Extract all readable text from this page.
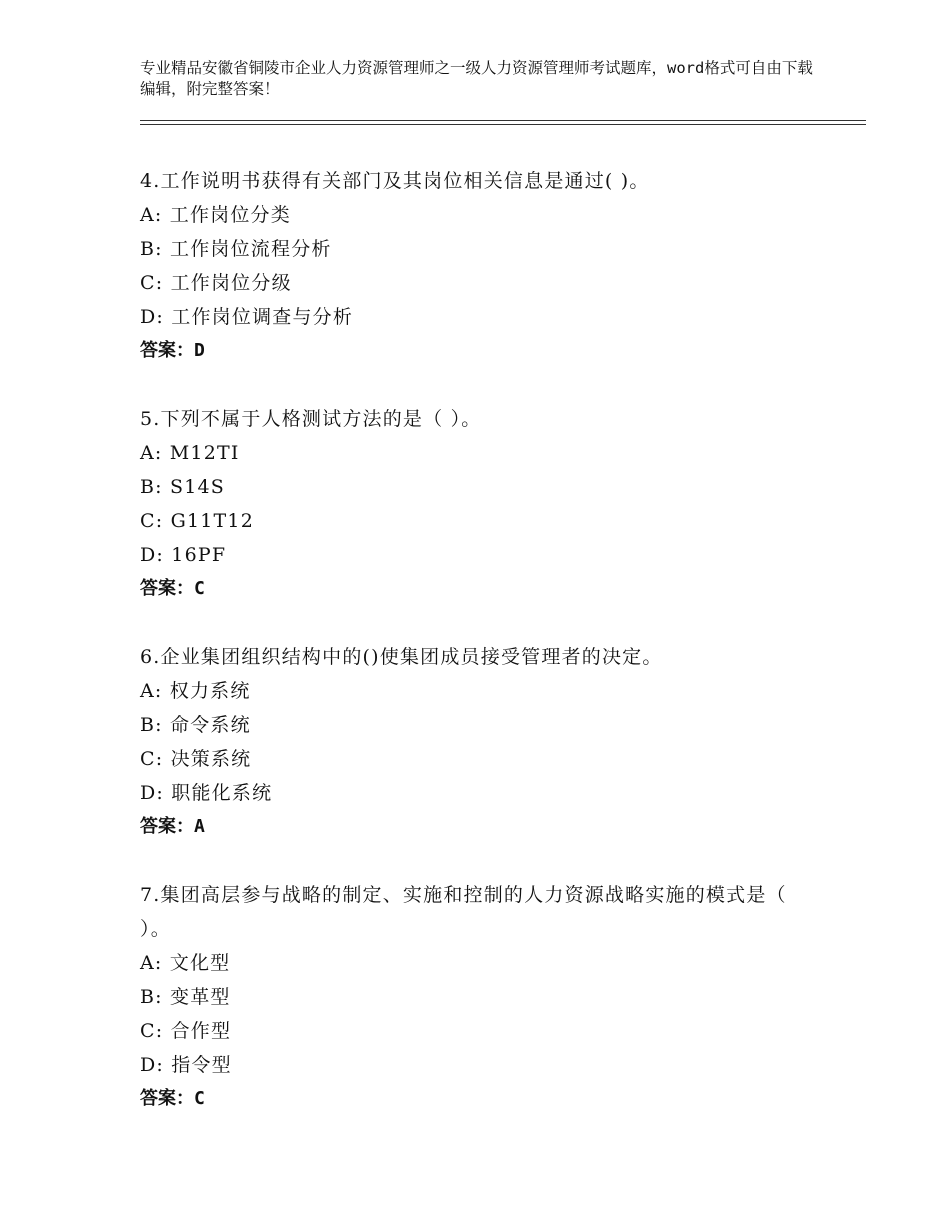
专业精品安徽省铜陵市企业人力资源管理师之一级人力资源管理师考试题库，word格式可自由下载编辑，附完整答案！
4.工作说明书获得有关部门及其岗位相关信息是通过( )。
A: 工作岗位分类
B: 工作岗位流程分析
C: 工作岗位分级
D: 工作岗位调查与分析
答案：D
5.下列不属于人格测试方法的是（ ）。
A: M12TI
B: S14S
C: G11T12
D: 16PF
答案：C
6.企业集团组织结构中的()使集团成员接受管理者的决定。
A: 权力系统
B: 命令系统
C: 决策系统
D: 职能化系统
答案：A
7.集团高层参与战略的制定、实施和控制的人力资源战略实施的模式是（ ）。
A: 文化型
B: 变革型
C: 合作型
D: 指令型
答案：C
